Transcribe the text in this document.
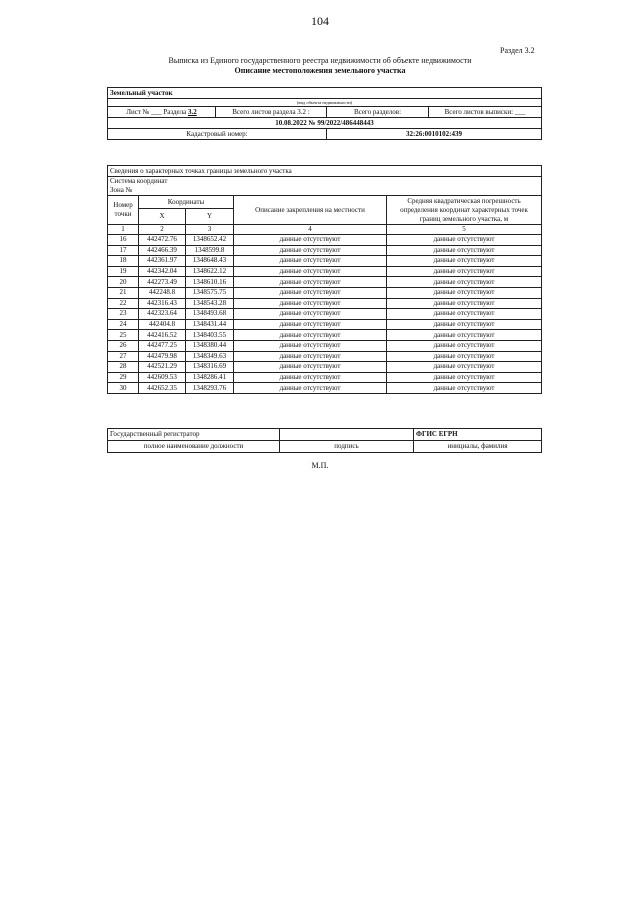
104
Раздел 3.2
Выписка из Единого государственного реестра недвижимости об объекте недвижимости
Описание местоположения земельного участка
Земельный участок			
(вид объекта недвижимости)			
Лист № ___ Раздела 3.2	Всего листов раздела 3.2 :	Всего разделов:	Всего листов выписки: ___
10.08.2022 № 99/2022/486448443			
Кадастровый номер:		32:26:0010102:439	
Сведения о характерных точках границы земельного участка				

Система координат
Зона №				

Номер точки	Координаты		Описание закрепления на местности	Средняя квадратическая погрешность определения координат характерных точек границ земельного участка, м
	X	Y		
1	2	3	4	5
16	442472.76	1348652.42	данные отсутствуют	данные отсутствуют
17	442466.39	1348599.8	данные отсутствуют	данные отсутствуют
18	442361.97	1348648.43	данные отсутствуют	данные отсутствуют
19	442342.04	1348622.12	данные отсутствуют	данные отсутствуют
20	442273.49	1348610.16	данные отсутствуют	данные отсутствуют
21	442248.8	1348575.75	данные отсутствуют	данные отсутствуют
22	442316.43	1348543.28	данные отсутствуют	данные отсутствуют
23	442323.64	1348493.68	данные отсутствуют	данные отсутствуют
24	442404.8	1348431.44	данные отсутствуют	данные отсутствуют
25	442416.52	1348403.55	данные отсутствуют	данные отсутствуют
26	442477.25	1348380.44	данные отсутствуют	данные отсутствуют
27	442479.98	1348349.63	данные отсутствуют	данные отсутствуют
28	442521.29	1348316.69	данные отсутствуют	данные отсутствуют
29	442609.53	1348286.41	данные отсутствуют	данные отсутствуют
30	442652.35	1348293.76	данные отсутствуют	данные отсутствуют
Государственный регистратор		ФГИС ЕГРН
полное наименование должности	подпись	инициалы, фамилия
М.П.
